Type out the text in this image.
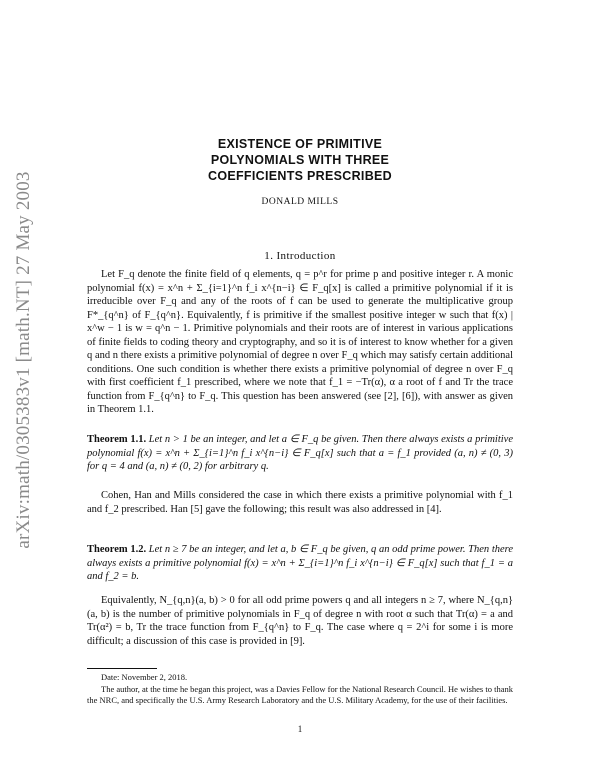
arXiv:math/0305383v1 [math.NT] 27 May 2003
EXISTENCE OF PRIMITIVE
POLYNOMIALS WITH THREE
COEFFICIENTS PRESCRIBED
DONALD MILLS
1. Introduction
Let F_q denote the finite field of q elements, q = p^r for prime p and positive integer r. A monic polynomial f(x) = x^n + Σ_{i=1}^n f_i x^{n−i} ∈ F_q[x] is called a primitive polynomial if it is irreducible over F_q and any of the roots of f can be used to generate the multiplicative group F*_{q^n} of F_{q^n}. Equivalently, f is primitive if the smallest positive integer w such that f(x) | x^w − 1 is w = q^n − 1. Primitive polynomials and their roots are of interest in various applications of finite fields to coding theory and cryptography, and so it is of interest to know whether for a given q and n there exists a primitive polynomial of degree n over F_q which may satisfy certain additional conditions. One such condition is whether there exists a primitive polynomial of degree n over F_q with first coefficient f_1 prescribed, where we note that f_1 = −Tr(α), α a root of f and Tr the trace function from F_{q^n} to F_q. This question has been answered (see [2], [6]), with answer as given in Theorem 1.1.
Theorem 1.1. Let n > 1 be an integer, and let a ∈ F_q be given. Then there always exists a primitive polynomial f(x) = x^n + Σ_{i=1}^n f_i x^{n−i} ∈ F_q[x] such that a = f_1 provided (a, n) ≠ (0, 3) for q = 4 and (a, n) ≠ (0, 2) for arbitrary q.
Cohen, Han and Mills considered the case in which there exists a primitive polynomial with f_1 and f_2 prescribed. Han [5] gave the following; this result was also addressed in [4].
Theorem 1.2. Let n ≥ 7 be an integer, and let a, b ∈ F_q be given, q an odd prime power. Then there always exists a primitive polynomial f(x) = x^n + Σ_{i=1}^n f_i x^{n−i} ∈ F_q[x] such that f_1 = a and f_2 = b.
Equivalently, N_{q,n}(a, b) > 0 for all odd prime powers q and all integers n ≥ 7, where N_{q,n}(a, b) is the number of primitive polynomials in F_q of degree n with root α such that Tr(α) = a and Tr(α²) = b, Tr the trace function from F_{q^n} to F_q. The case where q = 2^i for some i is more difficult; a discussion of this case is provided in [9].
Date: November 2, 2018.
The author, at the time he began this project, was a Davies Fellow for the National Research Council. He wishes to thank the NRC, and specifically the U.S. Army Research Laboratory and the U.S. Military Academy, for the use of their facilities.
1
